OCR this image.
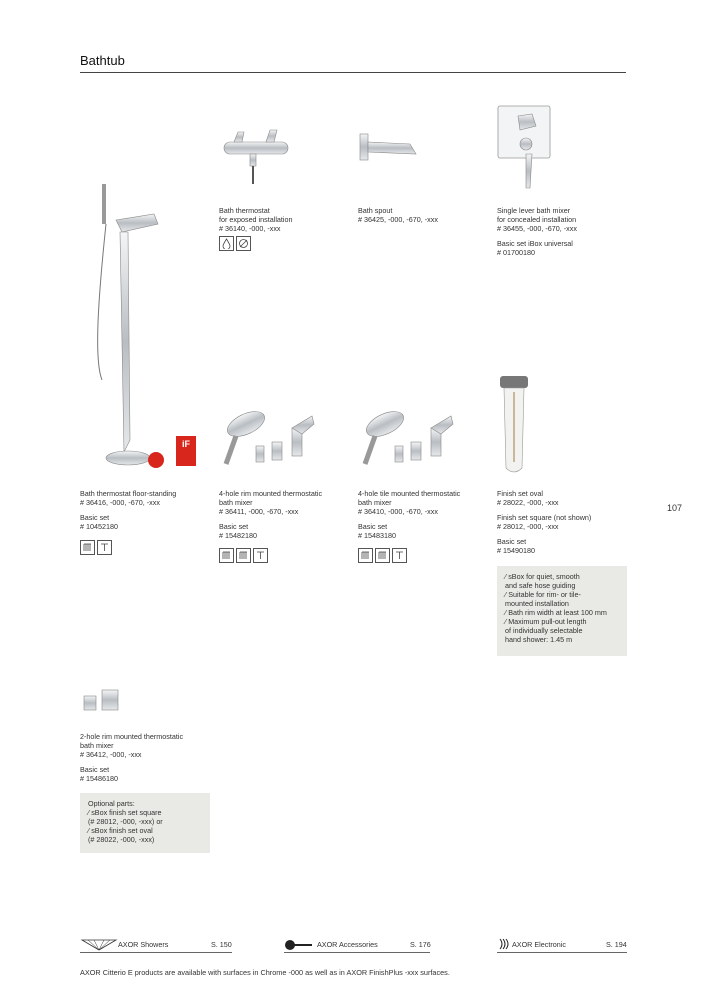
Bathtub
iF
Bath thermostat
for exposed installation
# 36140, -000, -xxx
Bath spout
# 36425, -000, -670, -xxx
Single lever bath mixer
for concealed installation
# 36455, -000, -670, -xxx
Basic set iBox universal
# 01700180
Bath thermostat floor-standing
# 36416, -000, -670, -xxx
Basic set
# 10452180
4-hole rim mounted thermostatic
bath mixer
# 36411, -000, -670, -xxx
Basic set
# 15482180
4-hole tile mounted thermostatic
bath mixer
# 36410, -000, -670, -xxx
Basic set
# 15483180
Finish set oval
# 28022, -000, -xxx
Finish set square (not shown)
# 28012, -000, -xxx
Basic set
# 15490180
⁄ sBox for quiet, smooth
and safe hose guiding
⁄ Suitable for rim- or tile-
mounted installation
⁄ Bath rim width at least 100 mm
⁄ Maximum pull-out length
of individually selectable
hand shower: 1.45 m
107
2-hole rim mounted thermostatic
bath mixer
# 36412, -000, -xxx
Basic set
# 15486180
Optional parts:
⁄ sBox finish set square
(# 28012, -000, -xxx) or
⁄ sBox finish set oval
(# 28022, -000, -xxx)
AXOR Showers	S. 150	AXOR Accessories	S. 176	AXOR Electronic	S. 194
AXOR Citterio E products are available with surfaces in Chrome -000 as well as in AXOR FinishPlus -xxx surfaces.
